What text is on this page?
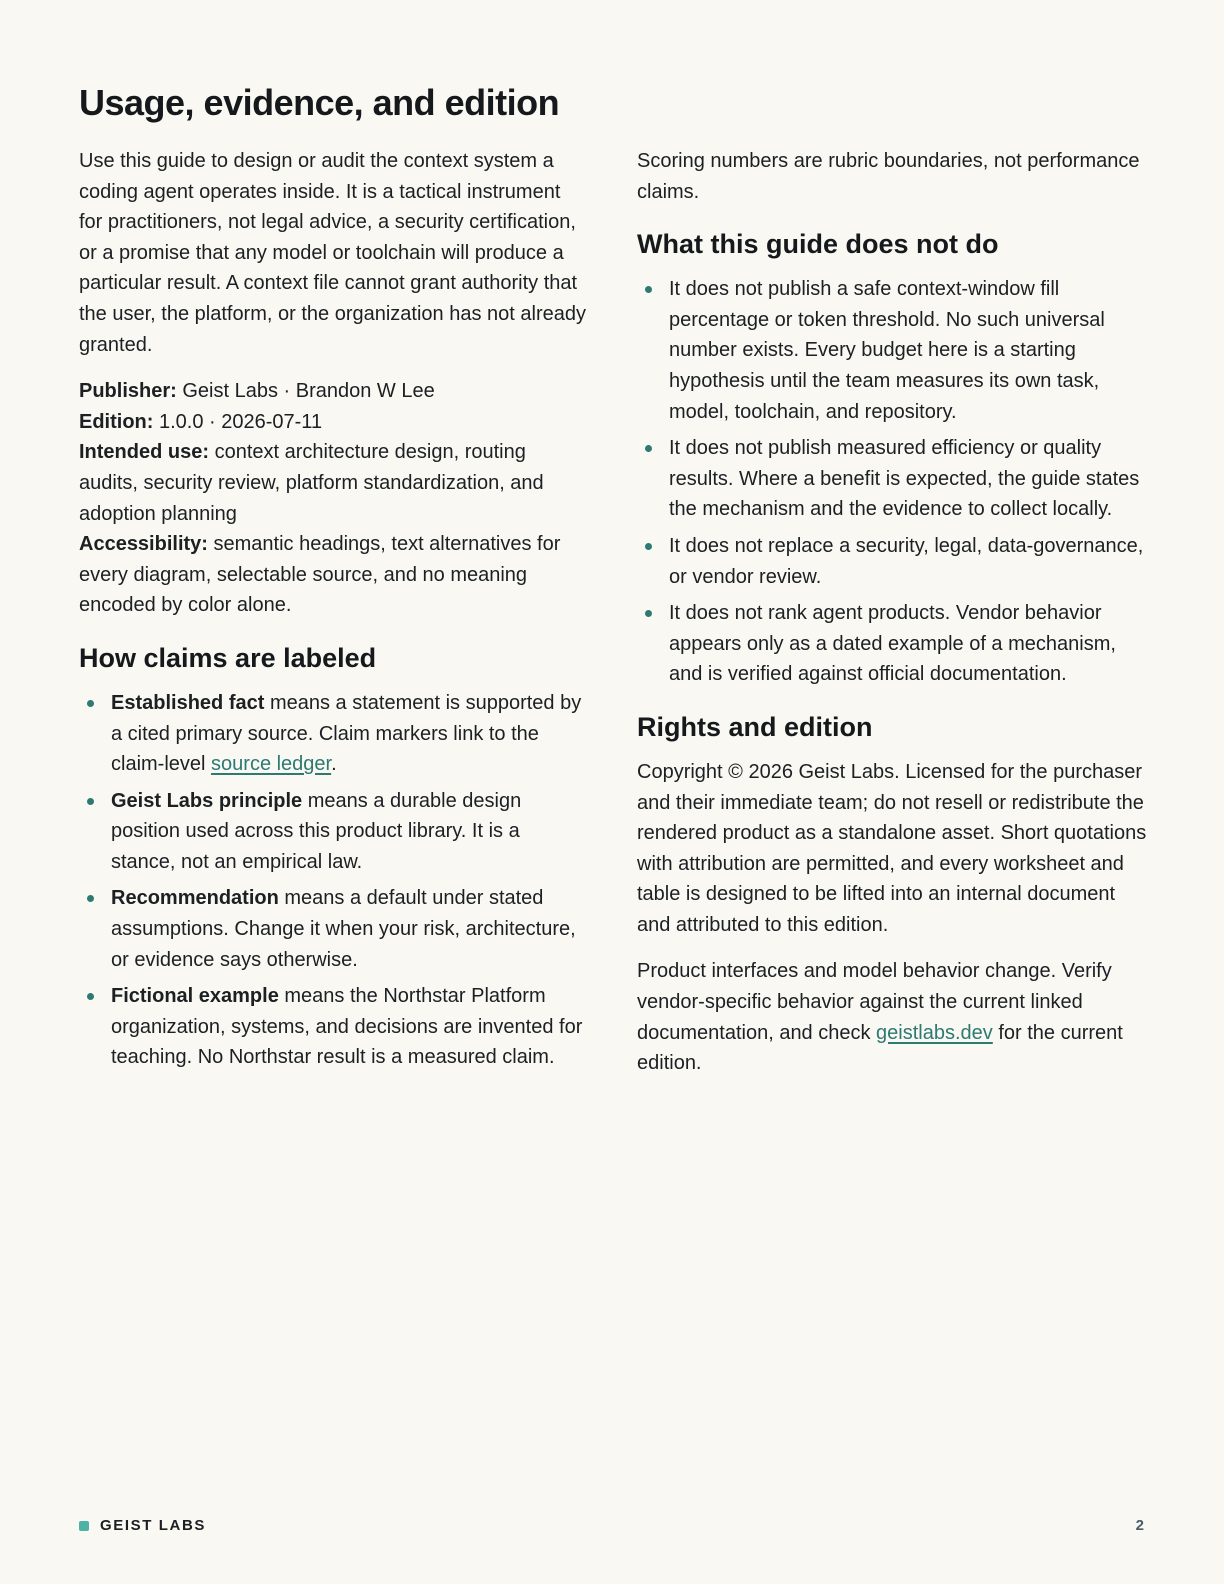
Usage, evidence, and edition

Use this guide to design or audit the context system a coding agent operates inside. It is a tactical instrument for practitioners, not legal advice, a security certification, or a promise that any model or toolchain will produce a particular result. A context file cannot grant authority that the user, the platform, or the organization has not already granted.

Publisher: Geist Labs · Brandon W Lee

Edition: 1.0.0 · 2026-07-11

Intended use: context architecture design, routing audits, security review, platform standardization, and adoption planning

Accessibility: semantic headings, text alternatives for every diagram, selectable source, and no meaning encoded by color alone.

How claims are labeled
Established fact means a statement is supported by a cited primary source. Claim markers link to the claim-level source ledger.
Geist Labs principle means a durable design position used across this product library. It is a stance, not an empirical law.
Recommendation means a default under stated assumptions. Change it when your risk, architecture, or evidence says otherwise.
Fictional example means the Northstar Platform organization, systems, and decisions are invented for teaching. No Northstar result is a measured claim.

Scoring numbers are rubric boundaries, not performance claims.

What this guide does not do
It does not publish a safe context-window fill percentage or token threshold. No such universal number exists. Every budget here is a starting hypothesis until the team measures its own task, model, toolchain, and repository.
It does not publish measured efficiency or quality results. Where a benefit is expected, the guide states the mechanism and the evidence to collect locally.
It does not replace a security, legal, data-governance, or vendor review.
It does not rank agent products. Vendor behavior appears only as a dated example of a mechanism, and is verified against official documentation.
Rights and edition

Copyright © 2026 Geist Labs. Licensed for the purchaser and their immediate team; do not resell or redistribute the rendered product as a standalone asset. Short quotations with attribution are permitted, and every worksheet and table is designed to be lifted into an internal document and attributed to this edition.

Product interfaces and model behavior change. Verify vendor-specific behavior against the current linked documentation, and check geistlabs.dev for the current edition.

GEIST LABS	2
